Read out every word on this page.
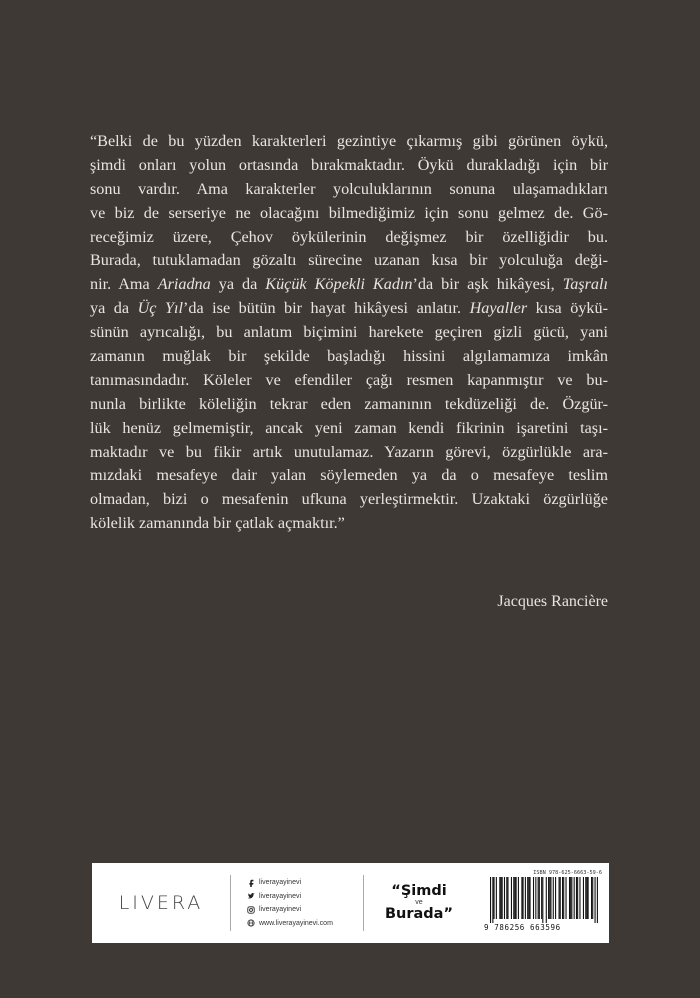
“Belki de bu yüzden karakterleri gezintiye çıkarmış gibi görünen öykü,
şimdi onları yolun ortasında bırakmaktadır. Öykü durakladığı için bir
sonu vardır. Ama karakterler yolculuklarının sonuna ulaşamadıkları
ve biz de serseriye ne olacağını bilmediğimiz için sonu gelmez de. Gö-
receğimiz üzere, Çehov öykülerinin değişmez bir özelliğidir bu.
Burada, tutuklamadan gözaltı sürecine uzanan kısa bir yolculuğa deği-
nir. Ama Ariadna ya da Küçük Köpekli Kadın’da bir aşk hikâyesi, Taşralı
ya da Üç Yıl’da ise bütün bir hayat hikâyesi anlatır. Hayaller kısa öykü-
sünün ayrıcalığı, bu anlatım biçimini harekete geçiren gizli gücü, yani
zamanın muğlak bir şekilde başladığı hissini algılamamıza imkân
tanımasındadır. Köleler ve efendiler çağı resmen kapanmıştır ve bu-
nunla birlikte köleliğin tekrar eden zamanının tekdüzeliği de. Özgür-
lük henüz gelmemiştir, ancak yeni zaman kendi fikrinin işaretini taşı-
maktadır ve bu fikir artık unutulamaz. Yazarın görevi, özgürlükle ara-
mızdaki mesafeye dair yalan söylemeden ya da o mesafeye teslim
olmadan, bizi o mesafenin ufkuna yerleştirmektir. Uzaktaki özgürlüğe
kölelik zamanında bir çatlak açmaktır.”
Jacques Rancière
LIVERA
liverayayinevi
liverayayinevi
liverayayinevi
www.liverayayinevi.com
“Şimdi
ve
Burada”
ISBN 978-625-6663-59-6
9 786256 663596
